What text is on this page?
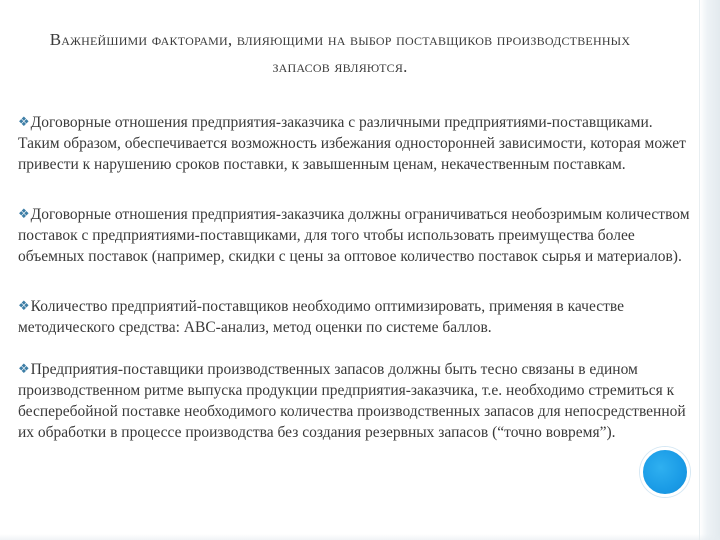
Важнейшими факторами, влияющими на выбор поставщиков производственных запасов являются.

❖Договорные отношения предприятия-заказчика с различными предприятиями-поставщиками. Таким образом, обеспечивается возможность избежания односторонней зависимости, которая может привести к нарушению сроков поставки, к завышенным ценам, некачественным поставкам.

❖Договорные отношения предприятия-заказчика должны ограничиваться необозримым количеством поставок с предприятиями-поставщиками, для того чтобы использовать преимущества более объемных поставок (например, скидки с цены за оптовое количество поставок сырья и материалов).

❖Количество предприятий-поставщиков необходимо оптимизировать, применяя в качестве методического средства: АВС-анализ, метод оценки по системе баллов.

❖Предприятия-поставщики производственных запасов должны быть тесно связаны в едином производственном ритме выпуска продукции предприятия-заказчика, т.е. необходимо стремиться к бесперебойной поставке необходимого количества производственных запасов для непосредственной их обработки в процессе производства без создания резервных запасов (“точно вовремя”).
